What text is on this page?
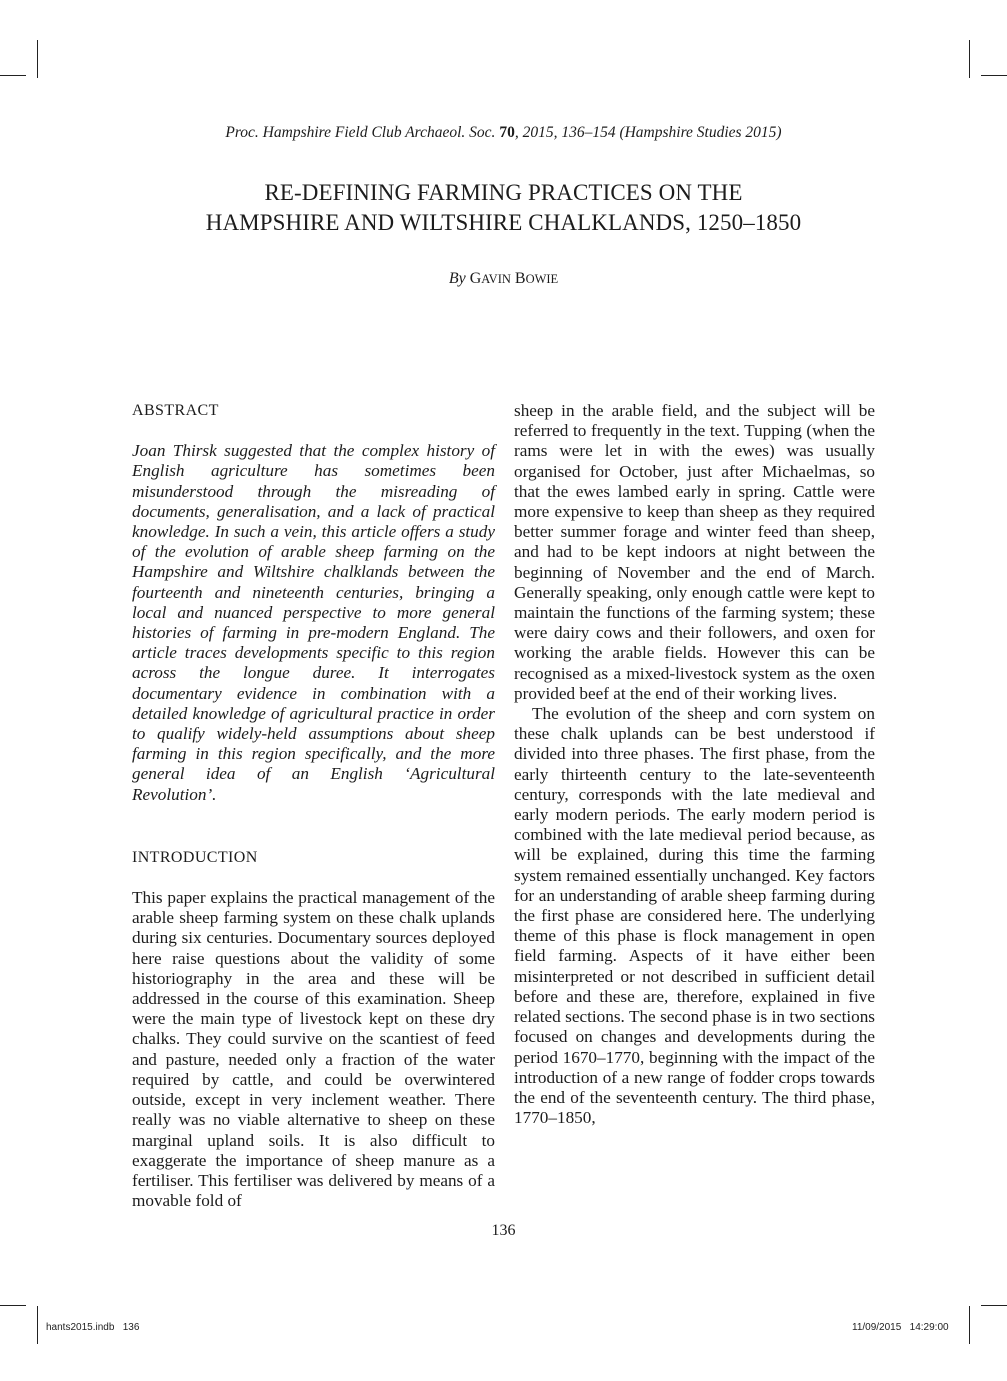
Proc. Hampshire Field Club Archaeol. Soc. 70, 2015, 136–154 (Hampshire Studies 2015)
RE-DEFINING FARMING PRACTICES ON THE
HAMPSHIRE AND WILTSHIRE CHALKLANDS, 1250–1850
By GAVIN BOWIE

ABSTRACT

Joan Thirsk suggested that the complex history of English agriculture has sometimes been misunderstood through the misreading of documents, generalisation, and a lack of practical knowledge. In such a vein, this article offers a study of the evolution of arable sheep farming on the Hampshire and Wiltshire chalklands between the fourteenth and nineteenth centuries, bringing a local and nuanced perspective to more general histories of farming in pre-modern England. The article traces developments specific to this region across the longue duree. It interrogates documentary evidence in combination with a detailed knowledge of agricultural practice in order to qualify widely-held assumptions about sheep farming in this region specifically, and the more general idea of an English ‘Agricultural Revolution’.

INTRODUCTION

This paper explains the practical management of the arable sheep farming system on these chalk uplands during six centuries. Documentary sources deployed here raise questions about the validity of some historiography in the area and these will be addressed in the course of this examination. Sheep were the main type of livestock kept on these dry chalks. They could survive on the scantiest of feed and pasture, needed only a fraction of the water required by cattle, and could be overwintered outside, except in very inclement weather. There really was no viable alternative to sheep on these marginal upland soils. It is also difficult to exaggerate the importance of sheep manure as a fertiliser. This fertiliser was delivered by means of a movable fold of

sheep in the arable field, and the subject will be referred to frequently in the text. Tupping (when the rams were let in with the ewes) was usually organised for October, just after Michaelmas, so that the ewes lambed early in spring. Cattle were more expensive to keep than sheep as they required better summer forage and winter feed than sheep, and had to be kept indoors at night between the beginning of November and the end of March. Generally speaking, only enough cattle were kept to maintain the functions of the farming system; these were dairy cows and their followers, and oxen for working the arable fields. However this can be recognised as a mixed-livestock system as the oxen provided beef at the end of their working lives.

The evolution of the sheep and corn system on these chalk uplands can be best understood if divided into three phases. The first phase, from the early thirteenth century to the late-seventeenth century, corresponds with the late medieval and early modern periods. The early modern period is combined with the late medieval period because, as will be explained, during this time the farming system remained essentially unchanged. Key factors for an understanding of arable sheep farming during the first phase are considered here. The underlying theme of this phase is flock management in open field farming. Aspects of it have either been misinterpreted or not described in sufficient detail before and these are, therefore, explained in five related sections. The second phase is in two sections focused on changes and developments during the period 1670–1770, beginning with the impact of the introduction of a new range of fodder crops towards the end of the seventeenth century. The third phase, 1770–1850,

136
hants2015.indb   136	11/09/2015   14:29:00
